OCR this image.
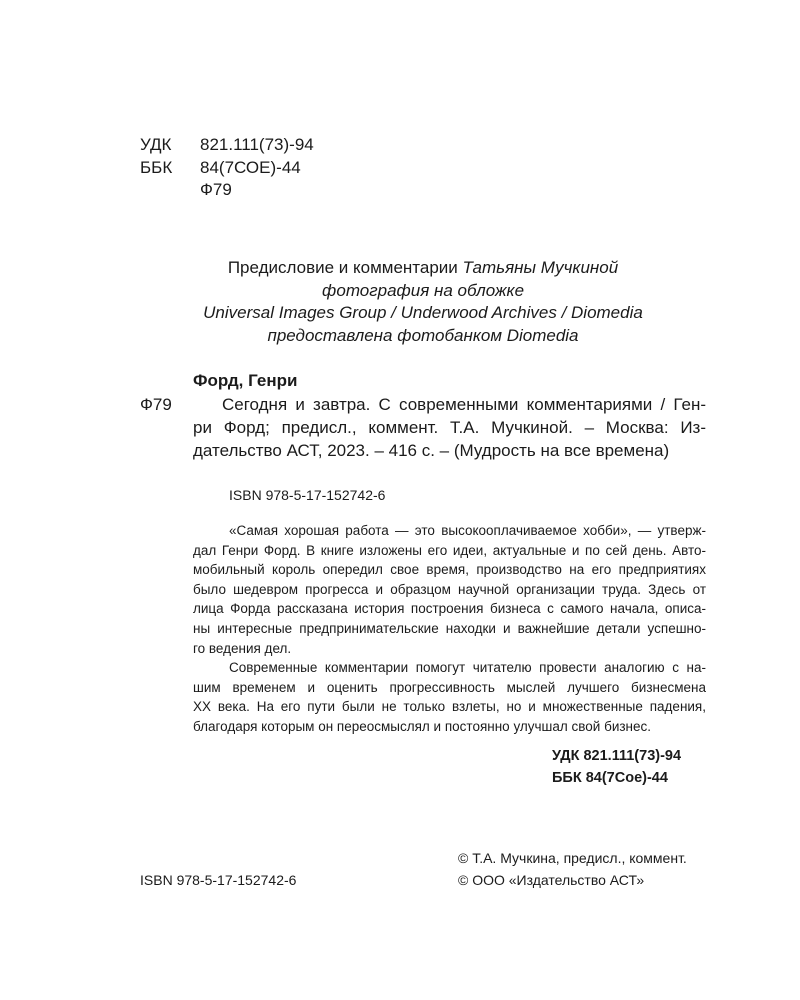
УДК	821.111(73)-94
ББК	84(7СОЕ)-44
Ф79
Предисловие и комментарии Татьяны Мучкиной
фотография на обложке
Universal Images Group / Underwood Archives / Diomedia
предоставлена фотобанком Diomedia
Форд, Генри
Ф79	Сегодня и завтра. С современными комментариями / Ген-
ри Форд; предисл., коммент. Т.А. Мучкиной. – Москва: Из-
дательство АСТ, 2023. – 416 с. – (Мудрость на все времена)
ISBN 978-5-17-152742-6
«Самая хорошая работа — это высокооплачиваемое хобби», — утверж-
дал Генри Форд. В книге изложены его идеи, актуальные и по сей день. Авто-
мобильный король опередил свое время, производство на его предприятиях
было шедевром прогресса и образцом научной организации труда. Здесь от
лица Форда рассказана история построения бизнеса с самого начала, описа-
ны интересные предпринимательские находки и важнейшие детали успешно-
го ведения дел.
Современные комментарии помогут читателю провести аналогию с на-
шим временем и оценить прогрессивность мыслей лучшего бизнесмена
XX века. На его пути были не только взлеты, но и множественные падения,
благодаря которым он переосмыслял и постоянно улучшал свой бизнес.
УДК 821.111(73)-94
ББК 84(7Сое)-44
© Т.А. Мучкина, предисл., коммент.
© ООО «Издательство АСТ»
ISBN 978-5-17-152742-6
